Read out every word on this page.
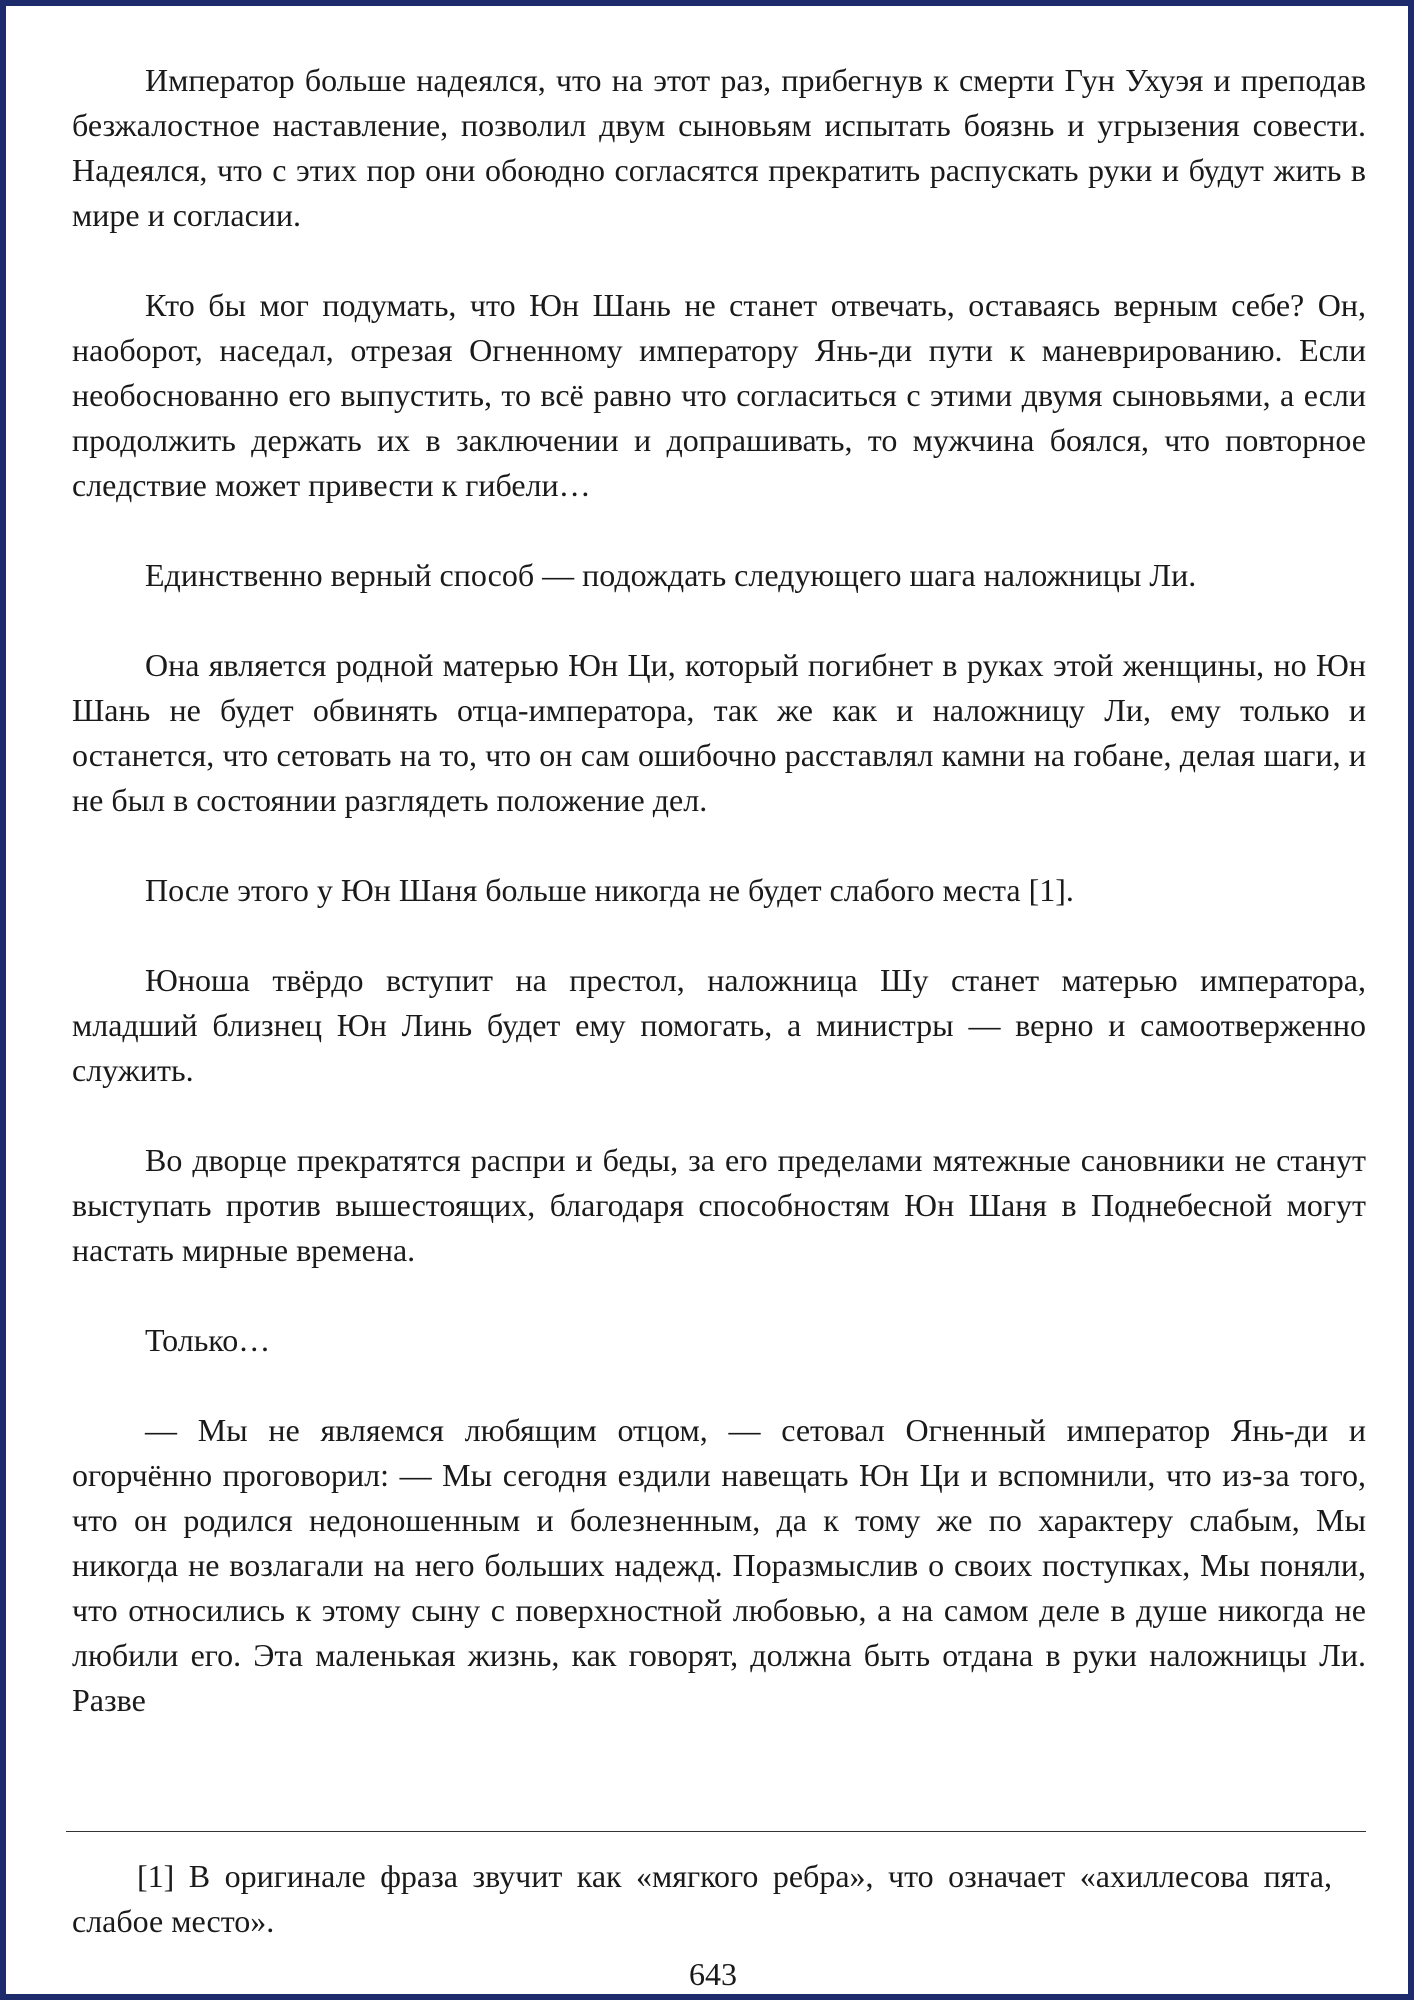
Император больше надеялся, что на этот раз, прибегнув к смерти Гун Ухуэя и преподав безжалостное наставление, позволил двум сыновьям испытать боязнь и угрызения совести. Надеялся, что с этих пор они обоюдно согласятся прекратить распускать руки и будут жить в мире и согласии.

Кто бы мог подумать, что Юн Шань не станет отвечать, оставаясь верным себе? Он, наоборот, наседал, отрезая Огненному императору Янь-ди пути к маневрированию. Если необоснованно его выпустить, то всё равно что согласиться с этими двумя сыновьями, а если продолжить держать их в заключении и допрашивать, то мужчина боялся, что повторное следствие может привести к гибели…

Единственно верный способ — подождать следующего шага наложницы Ли.

Она является родной матерью Юн Ци, который погибнет в руках этой женщины, но Юн Шань не будет обвинять отца-императора, так же как и наложницу Ли, ему только и останется, что сетовать на то, что он сам ошибочно расставлял камни на гобане, делая шаги, и не был в состоянии разглядеть положение дел.

После этого у Юн Шаня больше никогда не будет слабого места [1].

Юноша твёрдо вступит на престол, наложница Шу станет матерью императора, младший близнец Юн Линь будет ему помогать, а министры — верно и самоотверженно служить.

Во дворце прекратятся распри и беды, за его пределами мятежные сановники не станут выступать против вышестоящих, благодаря способностям Юн Шаня в Поднебесной могут настать мирные времена.

Только…

— Мы не являемся любящим отцом, — сетовал Огненный император Янь-ди и огорчённо проговорил: — Мы сегодня ездили навещать Юн Ци и вспомнили, что из-за того, что он родился недоношенным и болезненным, да к тому же по характеру слабым, Мы никогда не возлагали на него больших надежд. Поразмыслив о своих поступках, Мы поняли, что относились к этому сыну с поверхностной любовью, а на самом деле в душе никогда не любили его. Эта маленькая жизнь, как говорят, должна быть отдана в руки наложницы Ли. Разве

[1] В оригинале фраза звучит как «мягкого ребра», что означает «ахиллесова пята, слабое место».

643
